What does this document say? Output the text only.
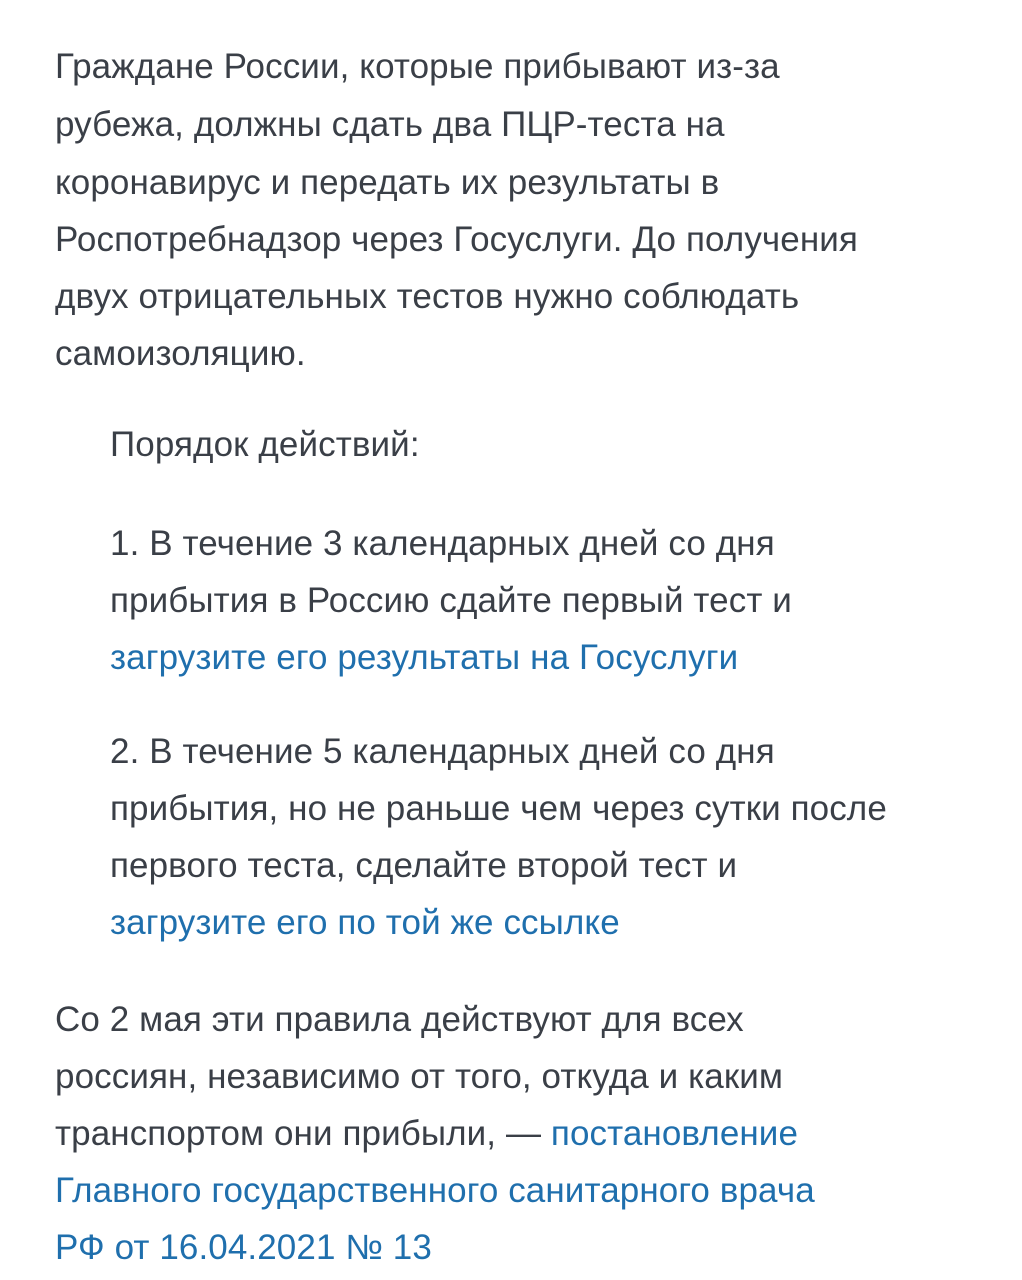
Граждане России, которые прибывают из-за

рубежа, должны сдать два ПЦР-теста на

коронавирус и передать их результаты в

Роспотребнадзор через Госуслуги. До получения

двух отрицательных тестов нужно соблюдать

самоизоляцию.

Порядок действий:

1. В течение 3 календарных дней со дня

прибытия в Россию сдайте первый тест и

загрузите его результаты на Госуслуги

2. В течение 5 календарных дней со дня

прибытия, но не раньше чем через сутки после

первого теста, сделайте второй тест и

загрузите его по той же ссылке

Со 2 мая эти правила действуют для всех

россиян, независимо от того, откуда и каким

транспортом они прибыли, — постановление

Главного государственного санитарного врача
РФ от 16.04.2021 № 13
